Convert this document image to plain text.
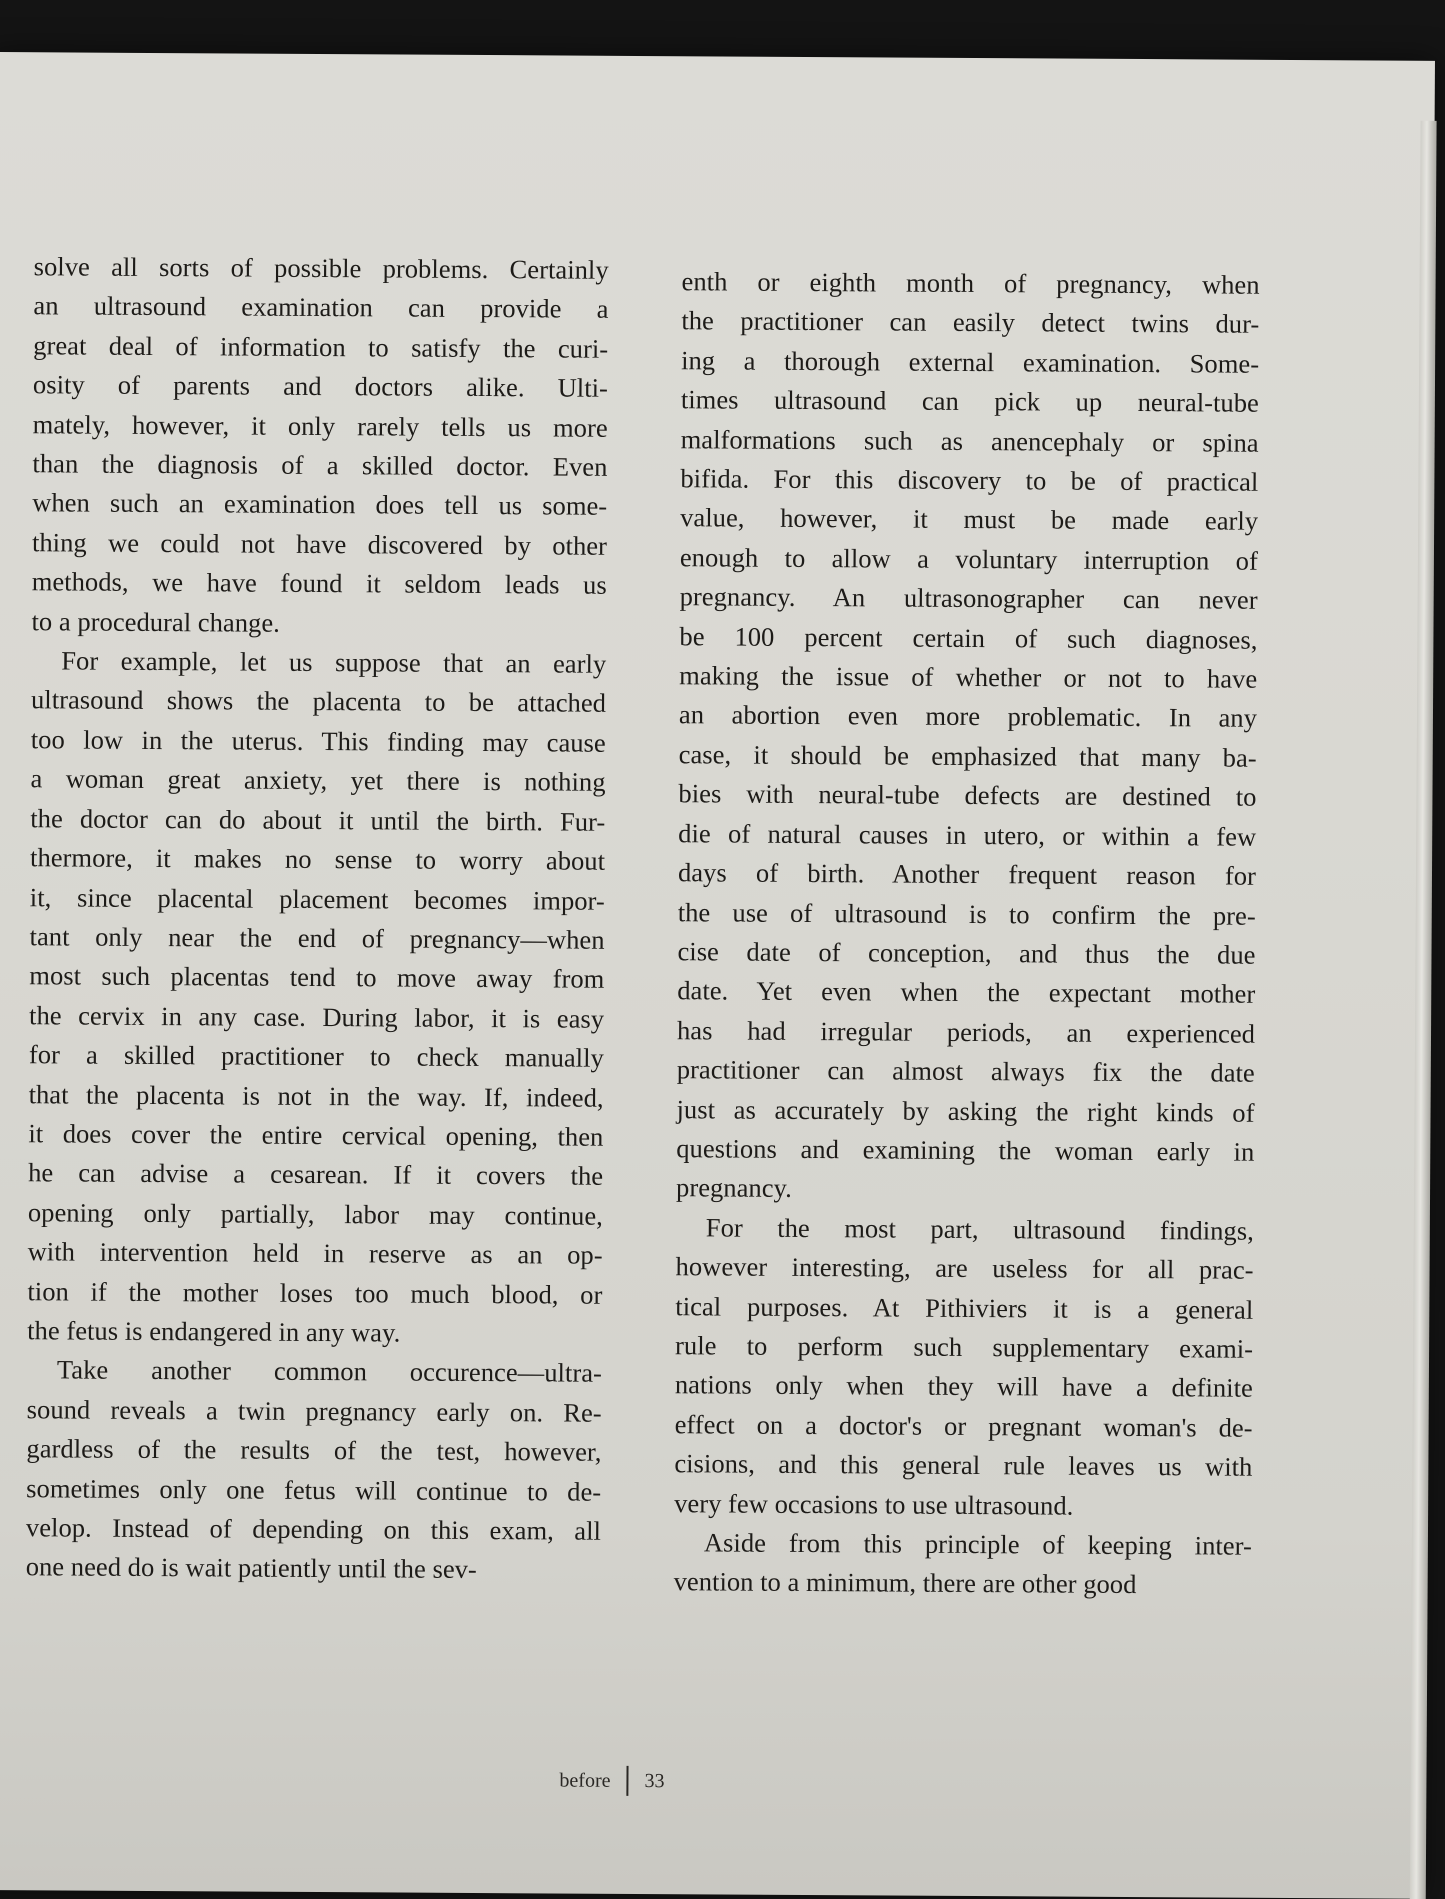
solve all sorts of possible problems. Certainly
an ultrasound examination can provide a
great deal of information to satisfy the curi-
osity of parents and doctors alike. Ulti-
mately, however, it only rarely tells us more
than the diagnosis of a skilled doctor. Even
when such an examination does tell us some-
thing we could not have discovered by other
methods, we have found it seldom leads us
to a procedural change.
For example, let us suppose that an early
ultrasound shows the placenta to be attached
too low in the uterus. This finding may cause
a woman great anxiety, yet there is nothing
the doctor can do about it until the birth. Fur-
thermore, it makes no sense to worry about
it, since placental placement becomes impor-
tant only near the end of pregnancy—when
most such placentas tend to move away from
the cervix in any case. During labor, it is easy
for a skilled practitioner to check manually
that the placenta is not in the way. If, indeed,
it does cover the entire cervical opening, then
he can advise a cesarean. If it covers the
opening only partially, labor may continue,
with intervention held in reserve as an op-
tion if the mother loses too much blood, or
the fetus is endangered in any way.
Take another common occurence—ultra-
sound reveals a twin pregnancy early on. Re-
gardless of the results of the test, however,
sometimes only one fetus will continue to de-
velop. Instead of depending on this exam, all
one need do is wait patiently until the sev-
enth or eighth month of pregnancy, when
the practitioner can easily detect twins dur-
ing a thorough external examination. Some-
times ultrasound can pick up neural-tube
malformations such as anencephaly or spina
bifida. For this discovery to be of practical
value, however, it must be made early
enough to allow a voluntary interruption of
pregnancy. An ultrasonographer can never
be 100 percent certain of such diagnoses,
making the issue of whether or not to have
an abortion even more problematic. In any
case, it should be emphasized that many ba-
bies with neural-tube defects are destined to
die of natural causes in utero, or within a few
days of birth. Another frequent reason for
the use of ultrasound is to confirm the pre-
cise date of conception, and thus the due
date. Yet even when the expectant mother
has had irregular periods, an experienced
practitioner can almost always fix the date
just as accurately by asking the right kinds of
questions and examining the woman early in
pregnancy.
For the most part, ultrasound findings,
however interesting, are useless for all prac-
tical purposes. At Pithiviers it is a general
rule to perform such supplementary exami-
nations only when they will have a definite
effect on a doctor's or pregnant woman's de-
cisions, and this general rule leaves us with
very few occasions to use ultrasound.
Aside from this principle of keeping inter-
vention to a minimum, there are other good
before 33
